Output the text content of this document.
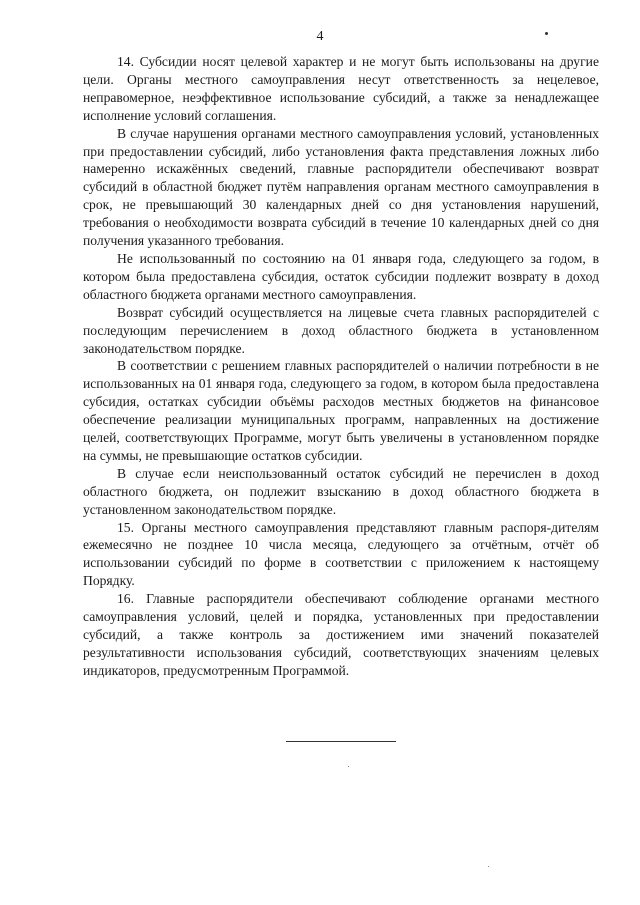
4

14. Субсидии носят целевой характер и не могут быть использованы на другие цели. Органы местного самоуправления несут ответственность за нецелевое, неправомерное, неэффективное использование субсидий, а также за ненадлежащее исполнение условий соглашения.

В случае нарушения органами местного самоуправления условий, установленных при предоставлении субсидий, либо установления факта представления ложных либо намеренно искажённых сведений, главные распорядители обеспечивают возврат субсидий в областной бюджет путём направления органам местного самоуправления в срок, не превышающий 30 календарных дней со дня установления нарушений, требования о необходимости возврата субсидий в течение 10 календарных дней со дня получения указанного требования.

Не использованный по состоянию на 01 января года, следующего за годом, в котором была предоставлена субсидия, остаток субсидии подлежит возврату в доход областного бюджета органами местного самоуправления.

Возврат субсидий осуществляется на лицевые счета главных распорядителей с последующим перечислением в доход областного бюджета в установленном законодательством порядке.

В соответствии с решением главных распорядителей о наличии потребности в не использованных на 01 января года, следующего за годом, в котором была предоставлена субсидия, остатках субсидии объёмы расходов местных бюджетов на финансовое обеспечение реализации муниципальных программ, направленных на достижение целей, соответствующих Программе, могут быть увеличены в установленном порядке на суммы, не превышающие остатков субсидии.

В случае если неиспользованный остаток субсидий не перечислен в доход областного бюджета, он подлежит взысканию в доход областного бюджета в установленном законодательством порядке.

15. Органы местного самоуправления представляют главным распоря-дителям ежемесячно не позднее 10 числа месяца, следующего за отчётным, отчёт об использовании субсидий по форме в соответствии с приложением к настоящему Порядку.

16. Главные распорядители обеспечивают соблюдение органами местного самоуправления условий, целей и порядка, установленных при предоставлении субсидий, а также контроль за достижением ими значений показателей результативности использования субсидий, соответствующих значениям целевых индикаторов, предусмотренным Программой.
